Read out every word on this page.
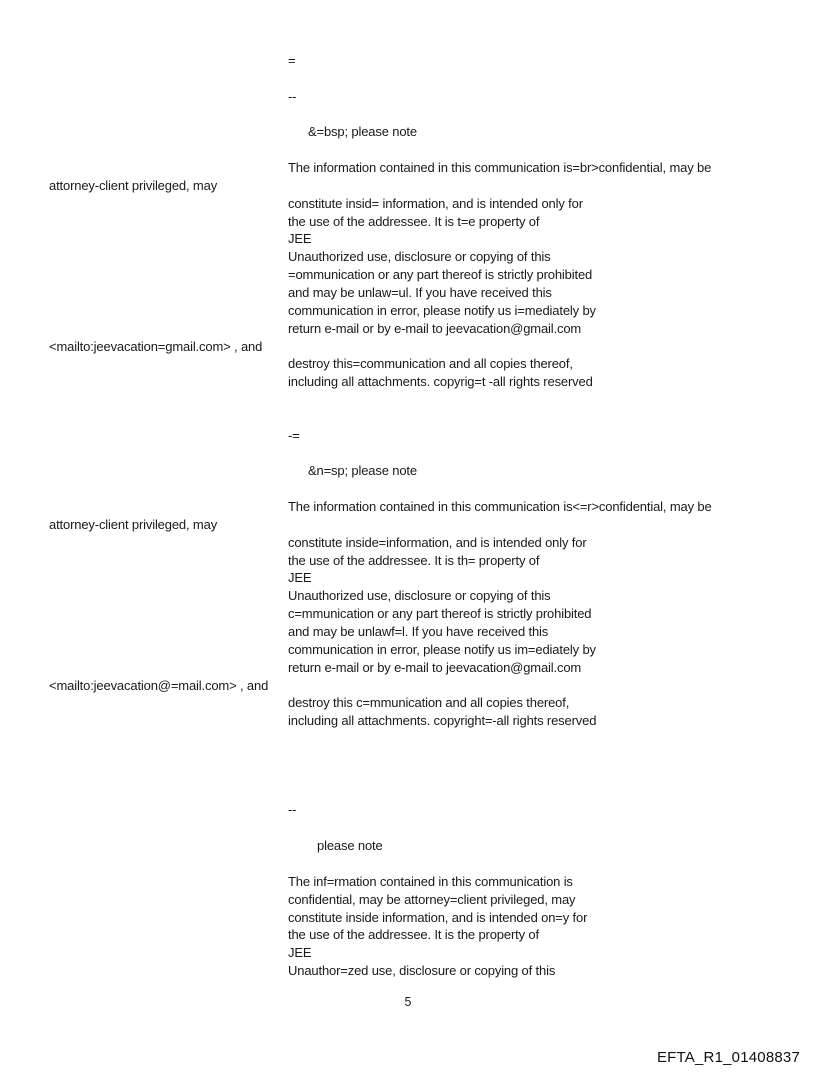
=
--
&=bsp; please note
The information contained in this communication is=br>confidential, may be
attorney-client privileged, may
constitute insid= information, and is intended only for
the use of the addressee. It is t=e property of
JEE
Unauthorized use, disclosure or copying of this
=ommunication or any part thereof is strictly prohibited
and may be unlaw=ul. If you have received this
communication in error, please notify us i=mediately by
return e-mail or by e-mail to jeevacation@gmail.com
<mailto:jeevacation=gmail.com> , and
destroy this=communication and all copies thereof,
including all attachments. copyrig=t -all rights reserved
-=
&n=sp; please note
The information contained in this communication is<=r>confidential, may be
attorney-client privileged, may
constitute inside=information, and is intended only for
the use of the addressee. It is th= property of
JEE
Unauthorized use, disclosure or copying of this
c=mmunication or any part thereof is strictly prohibited
and may be unlawf=l. If you have received this
communication in error, please notify us im=ediately by
return e-mail or by e-mail to jeevacation@gmail.com
<mailto:jeevacation@=mail.com> , and
destroy this c=mmunication and all copies thereof,
including all attachments. copyright=-all rights reserved
--
please note
The inf=rmation contained in this communication is
confidential, may be attorney=client privileged, may
constitute inside information, and is intended on=y for
the use of the addressee. It is the property of
JEE
Unauthor=zed use, disclosure or copying of this
5
EFTA_R1_01408837
